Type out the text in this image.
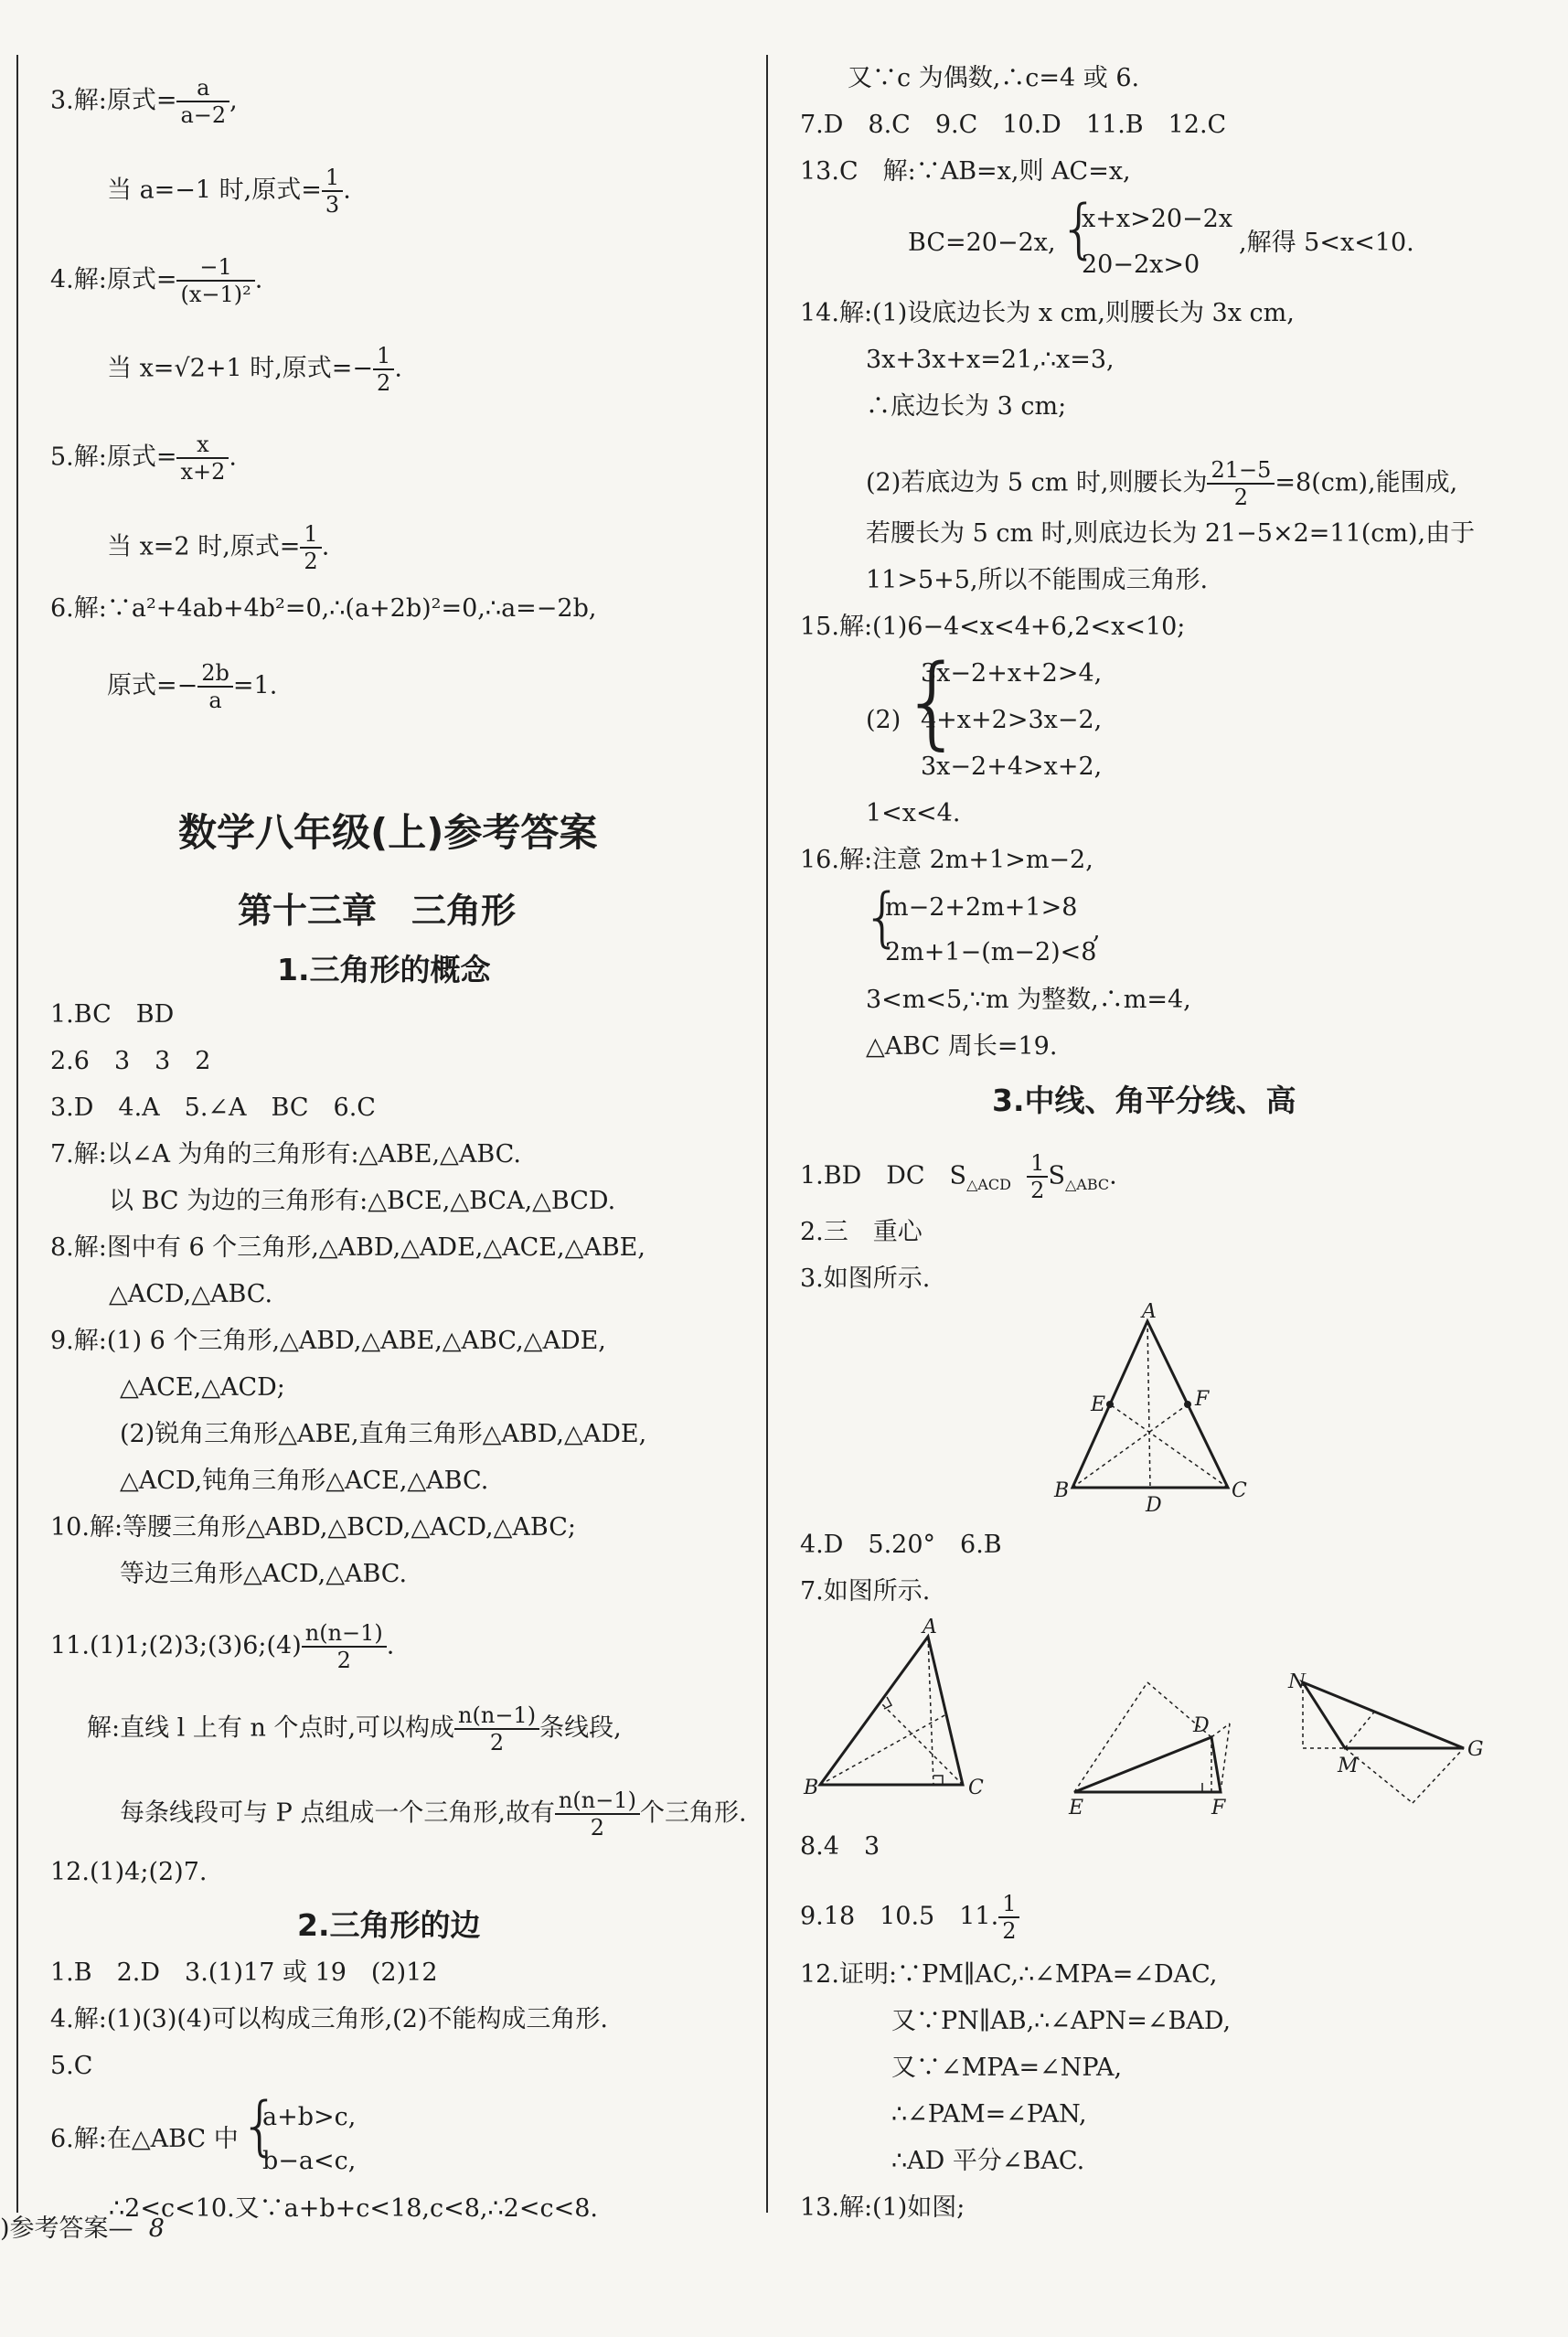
3.解:原式= $\frac{a}{a-2}$ ,
当 a=−1 时,原式= $\frac{1}{3}$ .
4.解:原式= $\frac{-1}{\text{(x−1)²}}$ .
当 x=√2+1 时,原式=− $\frac{1}{2}$ .
5.解:原式= $\frac{x}{x+2}$ .
当 x=2 时,原式= $\frac{1}{2}$ .
6.解:∵a²+4ab+4b²=0,∴(a+2b)²=0,∴a=−2b,
原式=− $\frac{2b}{a} =1$.
数学八年级(上)参考答案
第十三章　三角形
1.三角形的概念
1.BC　BD
2.6　3　3　2
3.D　4.A　5.∠A　BC　6.C
7.解:以∠A 为角的三角形有:△ABE,△ABC.
以 BC 为边的三角形有:△BCE,△BCA,△BCD.
8.解:图中有 6 个三角形,△ABD,△ADE,△ACE,△ABE,
△ACD,△ABC.
9.解:(1) 6 个三角形,△ABD,△ABE,△ABC,△ADE,
△ACE,△ACD;
(2)锐角三角形△ABE,直角三角形△ABD,△ADE,
△ACD,钝角三角形△ACE,△ABC.
10.解:等腰三角形△ABD,△BCD,△ACD,△ABC;
等边三角形△ACD,△ABC.
11.(1)1;(2)3;(3)6;(4) $\frac{n(n-1)}{2}$ .
解:直线 l 上有 n 个点时,可以构成 $\frac{n(n-1)}{2}$ 条线段,
每条线段可与 P 点组成一个三角形,故有 $\frac{n(n-1)}{2}$ 个三角形.
12.(1)4;(2)7.
2.三角形的边
1.B　2.D　3.(1)17 或 19　(2)12
4.解:(1)(3)(4)可以构成三角形,(2)不能构成三角形.
5.C
6.解:在△ABC 中 {
a+b>c,
b−a<c,
∴2<c<10.又∵a+b+c<18,c<8,∴2<c<8.
又∵c 为偶数,∴c=4 或 6.
7.D　8.C　9.C　10.D　11.B　12.C
13.C　解:∵AB=x,则 AC=x,
BC=20−2x, {
x+x>20−2x
20−2x>0
,解得 5<x<10.
14.解:(1)设底边长为 x cm,则腰长为 3x cm,
3x+3x+x=21,∴x=3,
∴底边长为 3 cm;
(2)若底边为 5 cm 时,则腰长为 $\frac{21-5}{2} =8(cm)$,能围成,
若腰长为 5 cm 时,则底边长为 21−5×2=11(cm),由于
11>5+5,所以不能围成三角形.
15.解:(1)6−4<x<4+6,2<x<10;
(2) {
3x−2+x+2>4,
4+x+2>3x−2,
3x−2+4>x+2,
1<x<4.
16.解:注意 2m+1>m−2,
{
m−2+2m+1>8
2m+1−(m−2)<8
,
3<m<5,∵m 为整数,∴m=4,
△ABC 周长=19.
3.中线、角平分线、高
1.BD　DC　$S_{\triangle ACD} \frac{1}{2} S_{\triangle ABC}$.
2.三　重心
3.如图所示.
A
E	F
B
D
C
4.D　5.20°　6.B
7.如图所示.
A
B	C
D
E	F
N
M
G
8.4　3
9.18　10.5　11. $\frac{1}{2}$
12.证明:∵PM∥AC,∴∠MPA=∠DAC,
又∵PN∥AB,∴∠APN=∠BAD,
又∵∠MPA=∠NPA,
∴∠PAM=∠PAN,
∴AD 平分∠BAC.
13.解:(1)如图;
)参考答案— 8
